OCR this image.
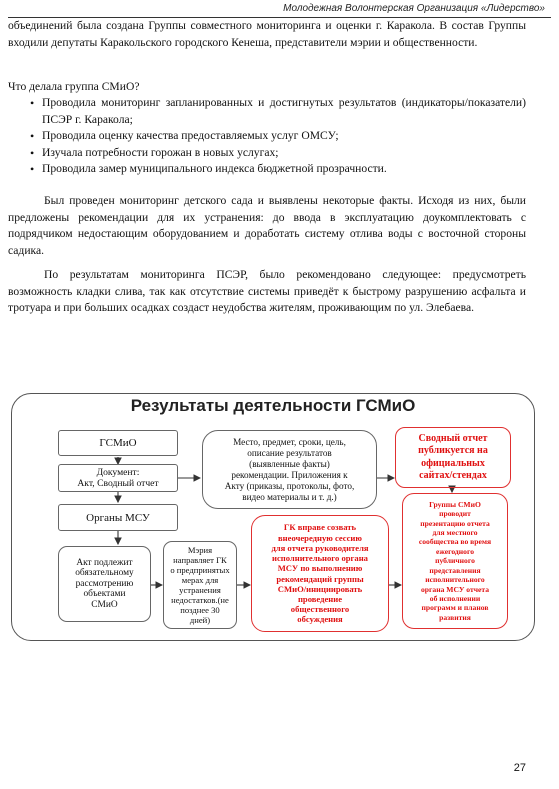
Молодежная Волонтерская Организация «Лидерство»
объединений была создана Группы совместного мониторинга и оценки г. Каракола. В состав Группы входили депутаты Каракольского городского Кенеша, представители мэрии и общественности.
Что делала группа СМиО?
• Проводила мониторинг запланированных и достигнутых результатов (индикаторы/показатели) ПСЭР г. Каракола;
• Проводила оценку качества предоставляемых услуг ОМСУ;
• Изучала потребности горожан в новых услугах;
• Проводила замер муниципального индекса бюджетной прозрачности.
Был проведен мониторинг детского сада и выявлены некоторые факты. Исходя из них, были предложены рекомендации для их устранения: до ввода в эксплуатацию доукомплектовать с подрядчиком недостающим оборудованием и доработать систему отлива воды с восточной стороны садика.
По результатам мониторинга ПСЭР, было рекомендовано следующее: предусмотреть возможность кладки слива, так как отсутствие системы приведёт к быстрому разрушению асфальта и тротуара и при больших осадках создаст неудобства жителям, проживающим по ул. Элебаева.
Результаты деятельности ГСМиО
ГСМиО
Документ:
Акт, Сводный отчет
Органы МСУ
Акт подлежит
обязательному
рассмотрению
объектами
СМиО
Мэрия
направляет ГК
о предпринятых
мерах для
устранения
недостатков.(не
позднее 30
дней)
Место, предмет, сроки, цель,
описание результатов
(выявленные факты)
рекомендации. Приложения к
Акту (приказы, протоколы, фото,
видео материалы и т. д.)
ГК вправе созвать
внеочередную сессию
для отчета руководителя
исполнительного органа
МСУ по выполнению
рекомендаций группы
СМиО/инициировать
проведение
общественного
обсуждения
Сводный отчет
публикуется на
официальных
сайтах/стендах
Группы СМиО
проводит
презентацию отчета
для местного
сообщества во время
ежегодного
публичного
представления
исполнительного
органа МСУ отчета
об исполнении
программ и планов
развития
27
